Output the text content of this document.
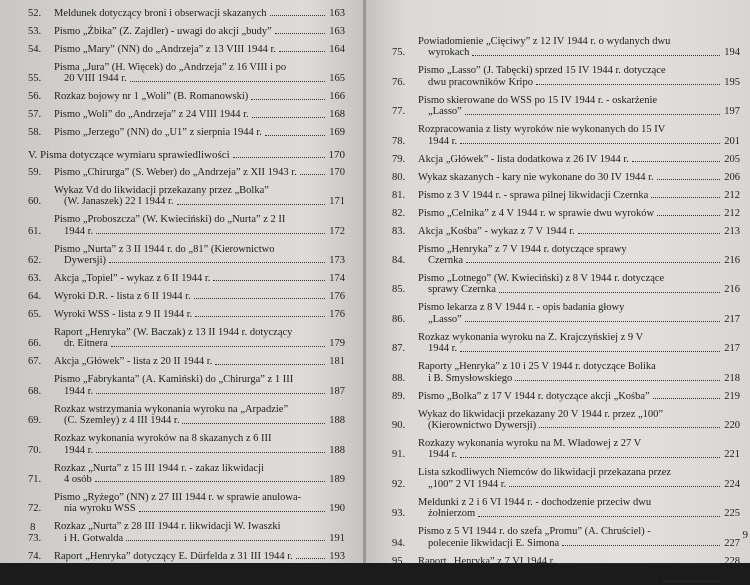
52.	Meldunek dotyczący broni i obserwacji skazanych	163
53.	Pismo „Żbika” (Z. Zajdler) - uwagi do akcji „budy”	163
54.	Pismo „Mary” (NN) do „Andrzeja” z 13 VIII 1944 r.	164
55.
Pisma „Jura” (H. Więcek) do „Andrzeja” z 16 VIII i po
20 VIII 1944 r.	165
56.	Rozkaz bojowy nr 1 „Woli” (B. Romanowski)	166
57.	Pismo „Woli” do „Andrzeja” z 24 VIII 1944 r.	168
58.	Pismo „Jerzego” (NN) do „U1” z sierpnia 1944 r.	169
V. Pisma dotyczące wymiaru sprawiedliwości	170
59.	Pismo „Chirurga” (S. Weber) do „Andrzeja” z XII 1943 r.	170
60.
Wykaz Vd do likwidacji przekazany przez „Bolka”
(W. Janaszek) 22 I 1944 r.	171
61.
Pismo „Proboszcza” (W. Kwieciński) do „Nurta” z 2 II
1944 r.	172
62.
Pismo „Nurta” z 3 II 1944 r. do „81” (Kierownictwo
Dywersji)	173
63.	Akcja „Topiel” - wykaz z 6 II 1944 r.	174
64.	Wyroki D.R. - lista z 6 II 1944 r.	176
65.	Wyroki WSS - lista z 9 II 1944 r.	176
66.
Raport „Henryka” (W. Baczak) z 13 II 1944 r. dotyczący
dr. Eitnera	179
67.	Akcja „Główek” - lista z 20 II 1944 r.	181
68.
Pismo „Fabrykanta” (A. Kamiński) do „Chirurga” z 1 III
1944 r.	187
69.
Rozkaz wstrzymania wykonania wyroku na „Arpadzie”
(C. Szemley) z 4 III 1944 r.	188
70.
Rozkaz wykonania wyroków na 8 skazanych z 6 III
1944 r.	188
71.
Rozkaz „Nurta” z 15 III 1944 r. - zakaz likwidacji
4 osób	189
72.
Pismo „Ryżego” (NN) z 27 III 1944 r. w sprawie anulowa-
nia wyroku WSS	190
73.
Rozkaz „Nurta” z 28 III 1944 r. likwidacji W. Iwaszki
i H. Gotwalda	191
74.	Raport „Henryka” dotyczący E. Dürfelda z 31 III 1944 r.	193
8
75.
Powiadomienie „Cięciwy” z 12 IV 1944 r. o wydanych dwu
wyrokach	194
76.
Pismo „Lasso” (J. Tabęcki) sprzed 15 IV 1944 r. dotyczące
dwu pracowników Kripo	195
77.
Pismo skierowane do WSS po 15 IV 1944 r. - oskarżenie
„Lasso”	197
78.
Rozpracowania z listy wyroków nie wykonanych do 15 IV
1944 r.	201
79.	Akcja „Główek” - lista dodatkowa z 26 IV 1944 r.	205
80.	Wykaz skazanych - kary nie wykonane do 30 IV 1944 r.	206
81.	Pismo z 3 V 1944 r. - sprawa pilnej likwidacji Czernka	212
82.	Pismo „Celnika” z 4 V 1944 r. w sprawie dwu wyroków	212
83.	Akcja „Kośba” - wykaz z 7 V 1944 r.	213
84.
Pismo „Henryka” z 7 V 1944 r. dotyczące sprawy
Czernka	216
85.
Pismo „Lotnego” (W. Kwieciński) z 8 V 1944 r. dotyczące
sprawy Czernka	216
86.
Pismo lekarza z 8 V 1944 r. - opis badania głowy
„Lasso”	217
87.
Rozkaz wykonania wyroku na Z. Krajczyńskiej z 9 V
1944 r.	217
88.
Raporty „Henryka” z 10 i 25 V 1944 r. dotyczące Bolika
i B. Smysłowskiego	218
89.	Pismo „Bolka” z 17 V 1944 r. dotyczące akcji „Kośba”	219
90.
Wykaz do likwidacji przekazany 20 V 1944 r. przez „100”
(Kierownictwo Dywersji)	220
91.
Rozkazy wykonania wyroku na M. Władowej z 27 V
1944 r.	221
92.
Lista szkodliwych Niemców do likwidacji przekazana przez
„100” 2 VI 1944 r.	224
93.
Meldunki z 2 i 6 VI 1944 r. - dochodzenie przeciw dwu
żołnierzom	225
94.
Pismo z 5 VI 1944 r. do szefa „Promu” (A. Chruściel) -
polecenie likwidacji E. Simona	227
95.	Raport „Henryka” z 7 VI 1944 r.	228
96.	Rozkaz wykonania wyroku na 4 skazanych z 8 VI 1944 r.	229
9
